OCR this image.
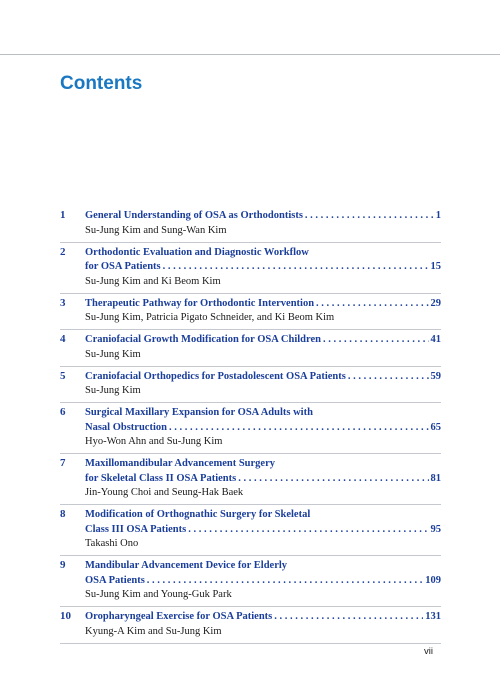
Contents
1	General Understanding of OSA as Orthodontists . . .	1
Su-Jung Kim and Sung-Wan Kim
2	Orthodontic Evaluation and Diagnostic Workflow
for OSA Patients . . .	15
Su-Jung Kim and Ki Beom Kim
3	Therapeutic Pathway for Orthodontic Intervention . . .	29
Su-Jung Kim, Patricia Pigato Schneider, and Ki Beom Kim
4	Craniofacial Growth Modification for OSA Children . . .	41
Su-Jung Kim
5	Craniofacial Orthopedics for Postadolescent OSA Patients . . .	59
Su-Jung Kim
6	Surgical Maxillary Expansion for OSA Adults with
Nasal Obstruction . . .	65
Hyo-Won Ahn and Su-Jung Kim
7	Maxillomandibular Advancement Surgery
for Skeletal Class II OSA Patients . . .	81
Jin-Young Choi and Seung-Hak Baek
8	Modification of Orthognathic Surgery for Skeletal
Class III OSA Patients . . .	95
Takashi Ono
9	Mandibular Advancement Device for Elderly
OSA Patients . . .	109
Su-Jung Kim and Young-Guk Park
10	Oropharyngeal Exercise for OSA Patients . . .	131
Kyung-A Kim and Su-Jung Kim
vii
